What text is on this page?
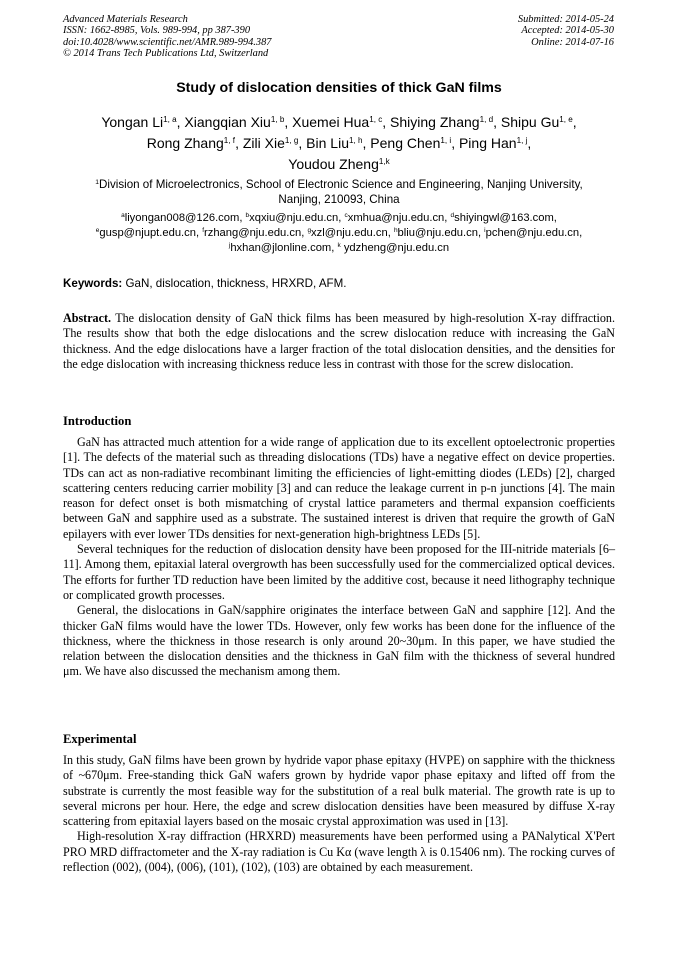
Advanced Materials Research
ISSN: 1662-8985, Vols. 989-994, pp 387-390
doi:10.4028/www.scientific.net/AMR.989-994.387
© 2014 Trans Tech Publications Ltd, Switzerland
Submitted: 2014-05-24
Accepted: 2014-05-30
Online: 2014-07-16
Study of dislocation densities of thick GaN films
Yongan Li$^{1, a}$, Xiangqian Xiu$^{1, b}$, Xuemei Hua$^{1, c}$, Shiying Zhang$^{1, d}$, Shipu Gu$^{1, e}$,
Rong Zhang$^{1, f}$, Zili Xie$^{1, g}$, Bin Liu$^{1, h}$, Peng Chen$^{1, i}$, Ping Han$^{1, j}$,
Youdou Zheng$^{1,k}$
$^1$Division of Microelectronics, School of Electronic Science and Engineering, Nanjing University,
Nanjing, 210093, China
$^a$liyongan008@126.com, $^b$xqxiu@nju.edu.cn, $^c$xmhua@nju.edu.cn, $^d$shiyingwl@163.com,
$^e$gusp@njupt.edu.cn, $^f$rzhang@nju.edu.cn, $^g$xzl@nju.edu.cn, $^h$bliu@nju.edu.cn, $^i$pchen@nju.edu.cn,
$^j$hxhan@jlonline.com, $^k$ ydzheng@nju.edu.cn
Keywords: GaN, dislocation, thickness, HRXRD, AFM.

Abstract. The dislocation density of GaN thick films has been measured by high-resolution X-ray diffraction. The results show that both the edge dislocations and the screw dislocation reduce with increasing the GaN thickness. And the edge dislocations have a larger fraction of the total dislocation densities, and the densities for the edge dislocation with increasing thickness reduce less in contrast with those for the screw dislocation.

Introduction

GaN has attracted much attention for a wide range of application due to its excellent optoelectronic properties [1]. The defects of the material such as threading dislocations (TDs) have a negative effect on device properties. TDs can act as non-radiative recombinant limiting the efficiencies of light-emitting diodes (LEDs) [2], charged scattering centers reducing carrier mobility [3] and can reduce the leakage current in p-n junctions [4]. The main reason for defect onset is both mismatching of crystal lattice parameters and thermal expansion coefficients between GaN and sapphire used as a substrate. The sustained interest is driven that require the growth of GaN epilayers with ever lower TDs densities for next-generation high-brightness LEDs [5].

Several techniques for the reduction of dislocation density have been proposed for the III-nitride materials [6–11]. Among them, epitaxial lateral overgrowth has been successfully used for the commercialized optical devices. The efforts for further TD reduction have been limited by the additive cost, because it need lithography technique or complicated growth processes.

General, the dislocations in GaN/sapphire originates the interface between GaN and sapphire [12]. And the thicker GaN films would have the lower TDs. However, only few works has been done for the influence of the thickness, where the thickness in those research is only around 20~30μm. In this paper, we have studied the relation between the dislocation densities and the thickness in GaN film with the thickness of several hundred μm. We have also discussed the mechanism among them.

Experimental

In this study, GaN films have been grown by hydride vapor phase epitaxy (HVPE) on sapphire with the thickness of ~670μm. Free-standing thick GaN wafers grown by hydride vapor phase epitaxy and lifted off from the substrate is currently the most feasible way for the substitution of a real bulk material. The growth rate is up to several microns per hour. Here, the edge and screw dislocation densities have been measured by diffuse X-ray scattering from epitaxial layers based on the mosaic crystal approximation was used in [13].

High-resolution X-ray diffraction (HRXRD) measurements have been performed using a PANalytical X'Pert PRO MRD diffractometer and the X-ray radiation is Cu Kα (wave length λ is 0.15406 nm). The rocking curves of reflection (002), (004), (006), (101), (102), (103) are obtained by each measurement.
